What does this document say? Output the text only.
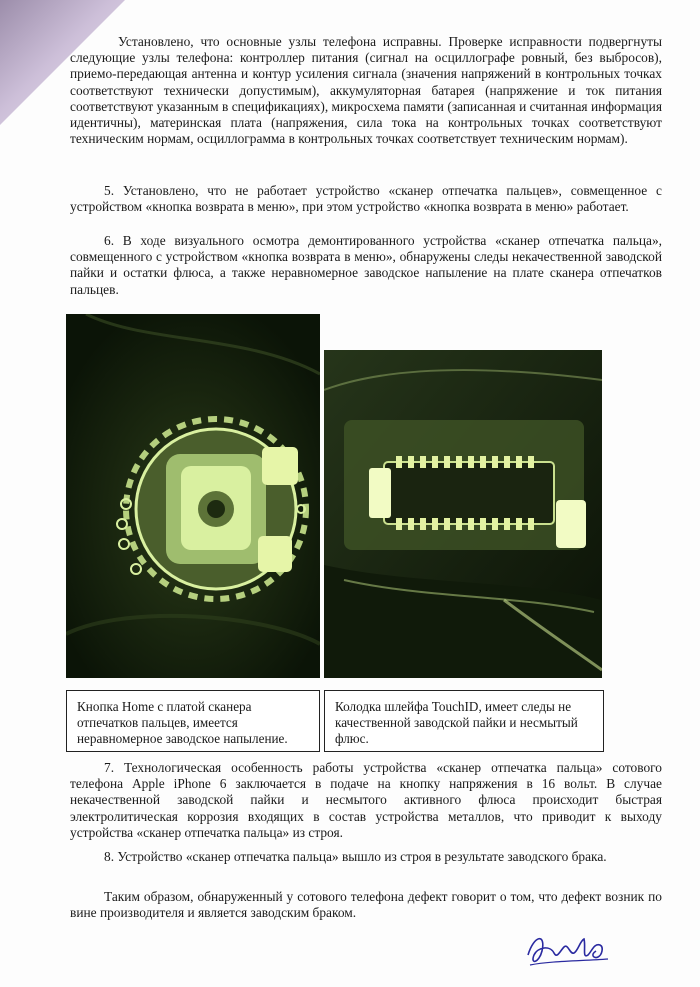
Установлено, что основные узлы телефона исправны. Проверке исправности подвергнуты следующие узлы телефона: контроллер питания (сигнал на осциллографе ровный, без выбросов), приемо-передающая антенна и контур усиления сигнала (значения напряжений в контрольных точках соответствуют технически допустимым), аккумуляторная батарея (напряжение и ток питания соответствуют указанным в спецификациях), микросхема памяти (записанная и считанная информация идентичны), материнская плата (напряжения, сила тока на контрольных точках соответствуют техническим нормам, осциллограмма в контрольных точках соответствует техническим нормам).

5. Установлено, что не работает устройство «сканер отпечатка пальцев», совмещенное с устройством «кнопка возврата в меню», при этом устройство «кнопка возврата в меню» работает.

6. В ходе визуального осмотра демонтированного устройства «сканер отпечатка пальца», совмещенного с устройством «кнопка возврата в меню», обнаружены следы некачественной заводской пайки и остатки флюса, а также неравномерное заводское напыление на плате сканера отпечатков пальцев.

Кнопка Home с платой сканера отпечатков пальцев, имеется неравномерное заводское напыление.
Колодка шлейфа TouchID, имеет следы не качественной заводской пайки и несмытый флюс.

7. Технологическая особенность работы устройства «сканер отпечатка пальца» сотового телефона Apple iPhone 6 заключается в подаче на кнопку напряжения в 16 вольт. В случае некачественной заводской пайки и несмытого активного флюса происходит быстрая электролитическая коррозия входящих в состав устройства металлов, что приводит к выходу устройства «сканер отпечатка пальца» из строя.

8. Устройство «сканер отпечатка пальца» вышло из строя в результате заводского брака.

Таким образом, обнаруженный у сотового телефона дефект говорит о том, что дефект возник по вине производителя и является заводским браком.
